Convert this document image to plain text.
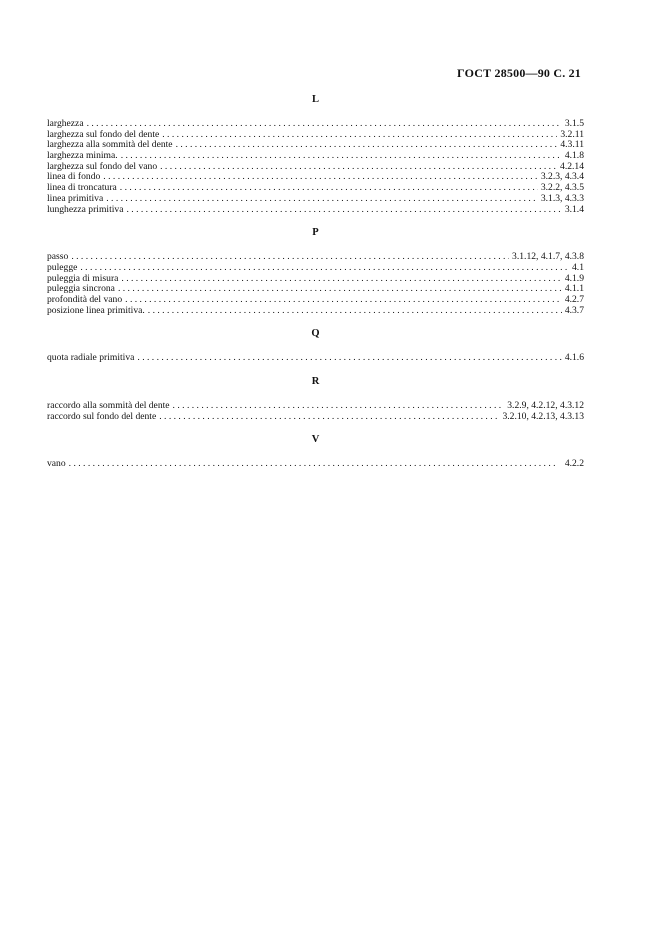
ГОСТ 28500—90 С. 21
L
larghezza . . .	3.1.5
larghezza sul fondo del dente . . .	3.2.11
larghezza alla sommità del dente . . .	4.3.11
larghezza minima. . . .	4.1.8
larghezza sul fondo del vano . . .	4.2.14
linea di fondo . . .	3.2.3, 4.3.4
linea di troncatura . . .	3.2.2, 4.3.5
linea primitiva . . .	3.1.3, 4.3.3
lunghezza primitiva . . .	3.1.4
P
passo . . .	3.1.12, 4.1.7, 4.3.8
pulegge . . .	4.1
puleggia di misura . . .	4.1.9
puleggia sincrona . . .	4.1.1
profondità del vano . . .	4.2.7
posizione linea primitiva. . . .	4.3.7
Q
quota radiale primitiva . . .	4.1.6
R
raccordo alla sommità del dente . . .	3.2.9, 4.2.12, 4.3.12
raccordo sul fondo del dente . . .	3.2.10, 4.2.13, 4.3.13
V
vano . . .	4.2.2
